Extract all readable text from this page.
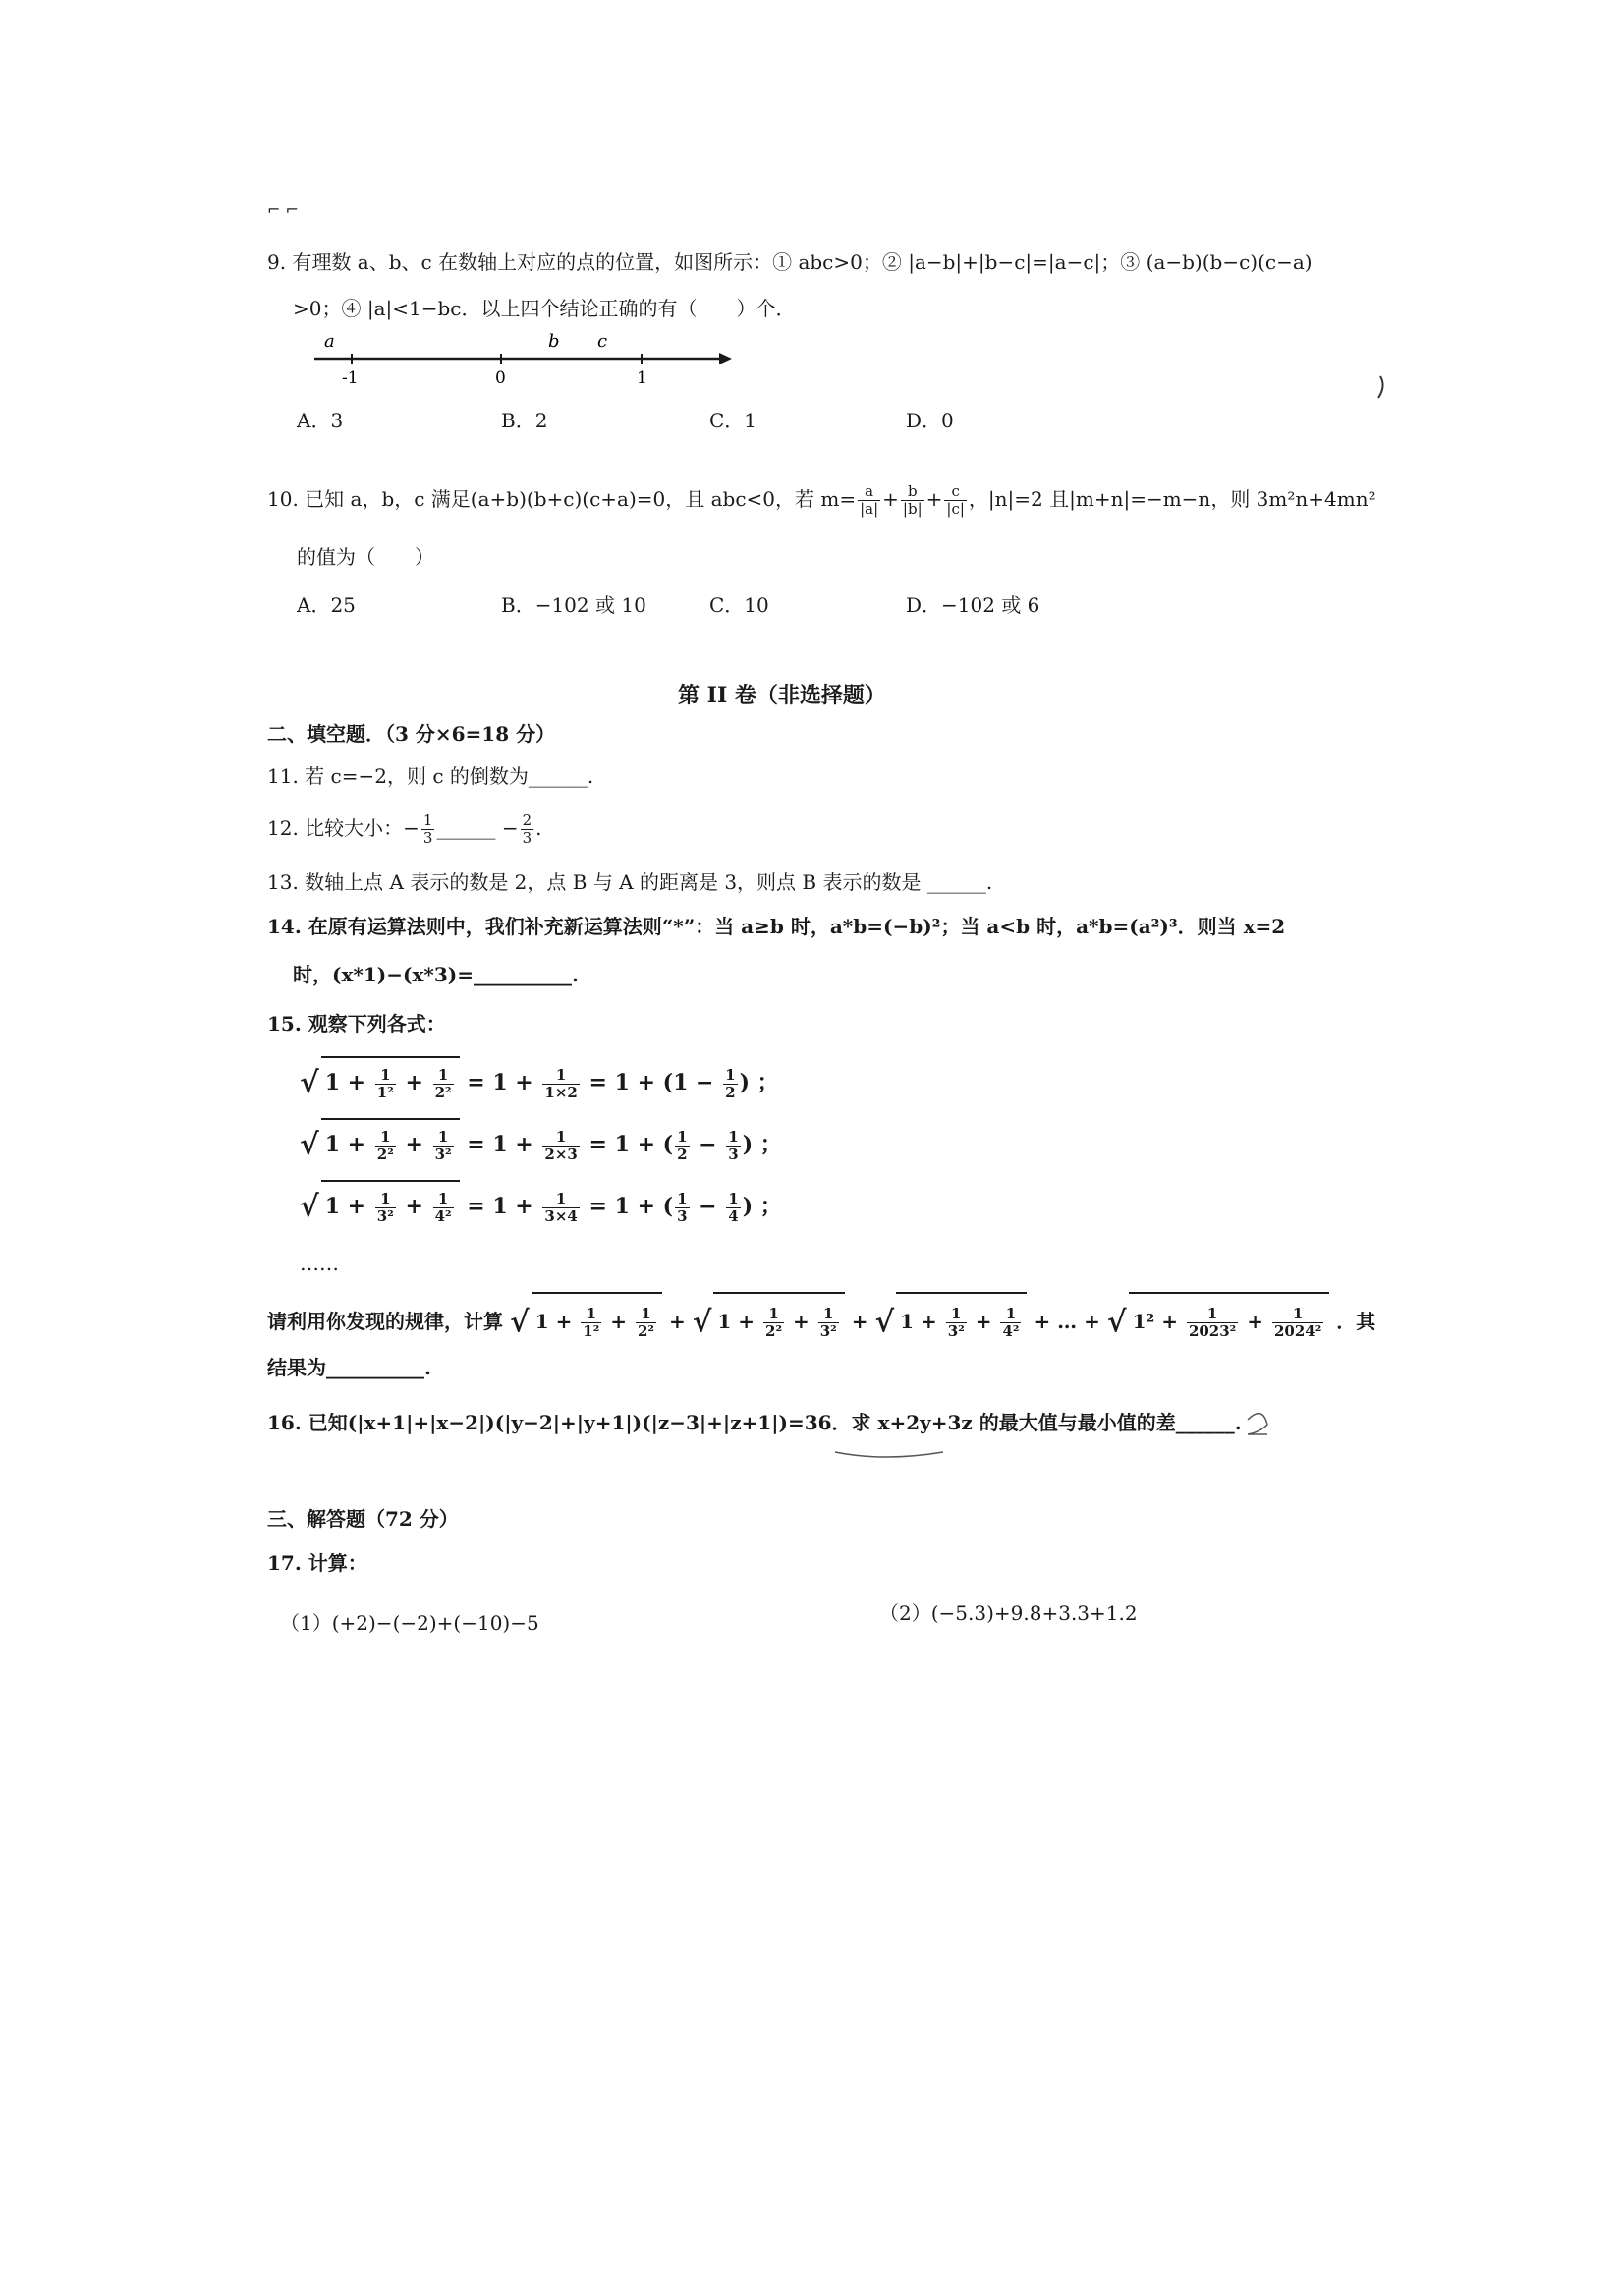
⌐ ⌐
9. 有理数 a、b、c 在数轴上对应的点的位置，如图所示：① abc>0；② |a−b|+|b−c|=|a−c|；③ (a−b)(b−c)(c−a)
>0；④ |a|<1−bc．以上四个结论正确的有（　　）个．
a	b c
-1	0	1
A．3	B．2	C．1	D．0
10. 已知 a，b，c 满足(a+b)(b+c)(c+a)=0，且 abc<0，若 $m= \frac{a}{|a|} + \frac{b}{|b|} + \frac{c}{|c|}$ ，|n|=2 且|m+n|=−m−n，则 3m²n+4mn²
的值为（　　）
A．25	B．−102 或 10	C．10	D．−102 或 6
第 II 卷（非选择题）
二、填空题．（3 分×6=18 分）
11. 若 c=−2，则 c 的倒数为______.
12. 比较大小：− $\frac{1}{3}$ ______ − $\frac{2}{3}$ .
13. 数轴上点 A 表示的数是 2，点 B 与 A 的距离是 3，则点 B 表示的数是 ______.
14. 在原有运算法则中，我们补充新运算法则“*”：当 a≥b 时，a*b=(−b)²；当 a<b 时，a*b=(a²)³．则当 x=2
时，(x*1)−(x*3)=__________.
15. 观察下列各式：
√ $1 + \frac{1}{\text{1²}} + \frac{1}{\text{2²}} = 1 + \frac{1}{1\times 2} = 1 + (1 - \frac{1}{2}$ ) ；
√ $1 + \frac{1}{\text{2²}} + \frac{1}{\text{3²}} = 1 + \frac{1}{2\times 3} = 1$ + ( $\frac{1}{2} - \frac{1}{3}$ ) ；
√ $1 + \frac{1}{\text{3²}} + \frac{1}{\text{4²}} = 1 + \frac{1}{3\times 4} = 1$ + ( $\frac{1}{3} - \frac{1}{4}$ ) ；
……
请利用你发现的规律，计算 √ $1 + \frac{1}{\text{1²}} + \frac{1}{\text{2²}}$ + √ $1 + \frac{1}{\text{2²}} + \frac{1}{\text{3²}}$ + √ $1 + \frac{1}{\text{3²}} + \frac{1}{\text{4²}}$ + … + √ $1^2 + \frac{1}{\text{2023²}} + \frac{1}{\text{2024²}}$ ．其
结果为__________.
16. 已知(|x+1|+|x−2|)(|y−2|+|y+1|)(|z−3|+|z+1|)=36．求 x+2y+3z 的最大值与最小值的差______.
三、解答题（72 分）
17. 计算：
（1）(+2)−(−2)+(−10)−5	（2）(−5.3)+9.8+3.3+1.2
